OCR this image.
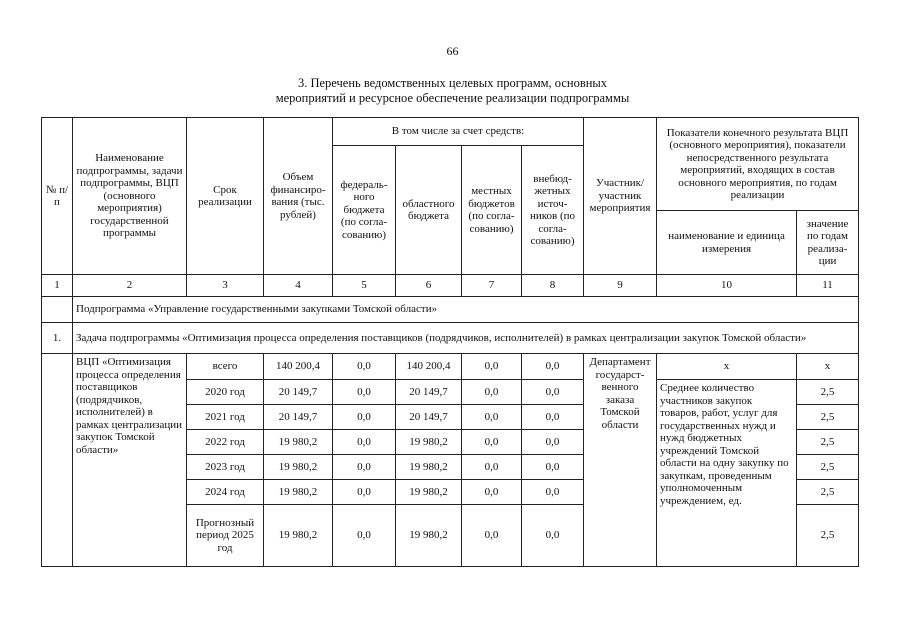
66
3. Перечень ведомственных целевых программ, основных
мероприятий и ресурсное обеспечение реализации подпрограммы
№ п/п	Наименование подпрограммы, задачи подпрограммы, ВЦП (основного мероприятия) государственной программы	Срок реализации	Объем финансиро-вания (тыс. рублей)	В том числе за счет средств:				Участник/ участник мероприятия	Показатели конечного результата ВЦП (основного мероприятия), показатели непосредственного результата мероприятий, входящих в состав основного мероприятия, по годам реализации	
				федераль-ного бюджета (по согла-сованию)	областного бюджета	местных бюджетов (по согла-сованию)	внебюд-жетных источ-ников (по согла-сованию)			
									наименование и единица измерения	значение по годам реализа-ции
1	2	3	4	5	6	7	8	9	10	11
	Подпрограмма «Управление государственными закупками Томской области»									
1.	Задача подпрограммы «Оптимизация процесса определения поставщиков (подрядчиков, исполнителей) в рамках централизации закупок Томской области»									
	ВЦП «Оптимизация процесса определения поставщиков (подрядчиков, исполнителей) в рамках централизации закупок Томской области»	всего	140 200,4	0,0	140 200,4	0,0	0,0	Департамент государст-венного заказа Томской области	х	х
		2020 год	20 149,7	0,0	20 149,7	0,0	0,0		Среднее количество участников закупок товаров, работ, услуг для государственных нужд и нужд бюджетных учреждений Томской области на одну закупку по закупкам, проведенным уполномоченным учреждением, ед.	2,5
		2021 год	20 149,7	0,0	20 149,7	0,0	0,0			2,5
		2022 год	19 980,2	0,0	19 980,2	0,0	0,0			2,5
		2023 год	19 980,2	0,0	19 980,2	0,0	0,0			2,5
		2024 год	19 980,2	0,0	19 980,2	0,0	0,0			2,5
		Прогнозный период 2025 год	19 980,2	0,0	19 980,2	0,0	0,0			2,5
